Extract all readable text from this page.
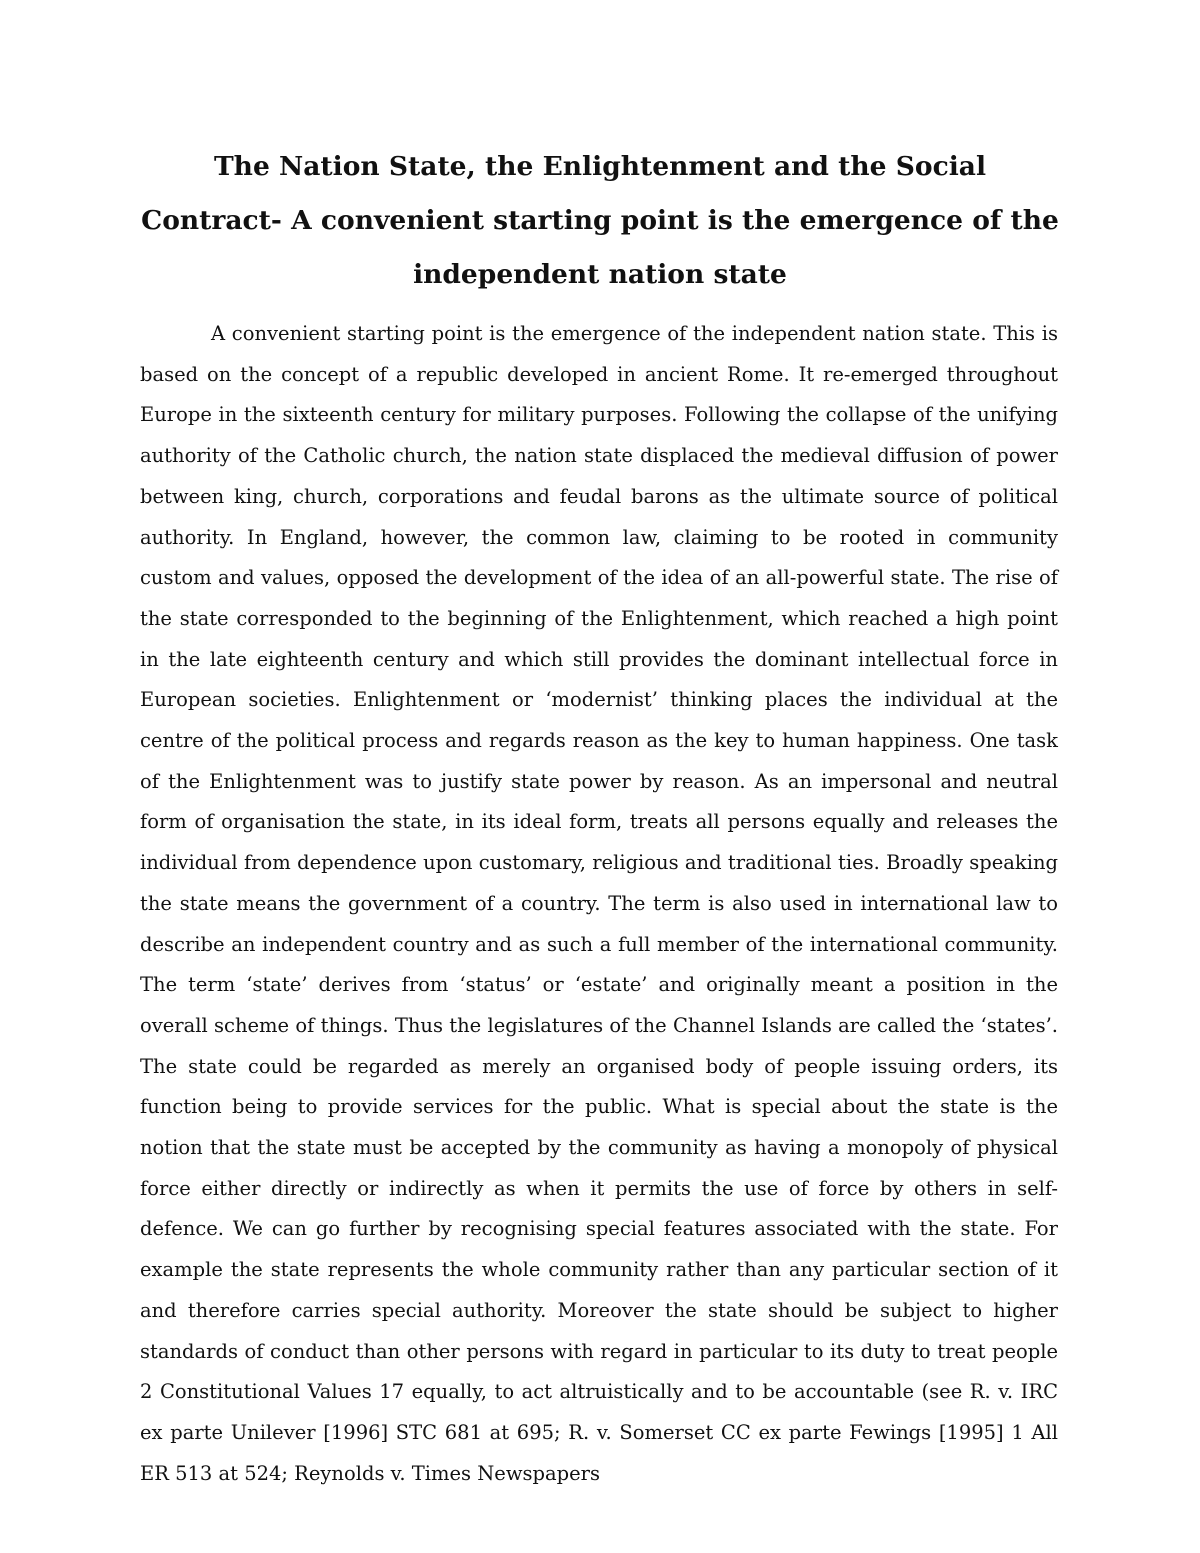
The Nation State, the Enlightenment and the Social Contract- A convenient starting point is the emergence of the independent nation state

A convenient starting point is the emergence of the independent nation state. This is based on the concept of a republic developed in ancient Rome. It re-emerged throughout Europe in the sixteenth century for military purposes. Following the collapse of the unifying authority of the Catholic church, the nation state displaced the medieval diffusion of power between king, church, corporations and feudal barons as the ultimate source of political authority. In England, however, the common law, claiming to be rooted in community custom and values, opposed the development of the idea of an all-powerful state. The rise of the state corresponded to the beginning of the Enlightenment, which reached a high point in the late eighteenth century and which still provides the dominant intellectual force in European societies. Enlightenment or ‘modernist’ thinking places the individual at the centre of the political process and regards reason as the key to human happiness. One task of the Enlightenment was to justify state power by reason. As an impersonal and neutral form of organisation the state, in its ideal form, treats all persons equally and releases the individual from dependence upon customary, religious and traditional ties. Broadly speaking the state means the government of a country. The term is also used in international law to describe an independent country and as such a full member of the international community. The term ‘state’ derives from ‘status’ or ‘estate’ and originally meant a position in the overall scheme of things. Thus the legislatures of the Channel Islands are called the ‘states’. The state could be regarded as merely an organised body of people issuing orders, its function being to provide services for the public. What is special about the state is the notion that the state must be accepted by the community as having a monopoly of physical force either directly or indirectly as when it permits the use of force by others in self-defence. We can go further by recognising special features associated with the state. For example the state represents the whole community rather than any particular section of it and therefore carries special authority. Moreover the state should be subject to higher standards of conduct than other persons with regard in particular to its duty to treat people 2 Constitutional Values 17 equally, to act altruistically and to be accountable (see R. v. IRC ex parte Unilever [1996] STC 681 at 695; R. v. Somerset CC ex parte Fewings [1995] 1 All ER 513 at 524; Reynolds v. Times Newspapers
